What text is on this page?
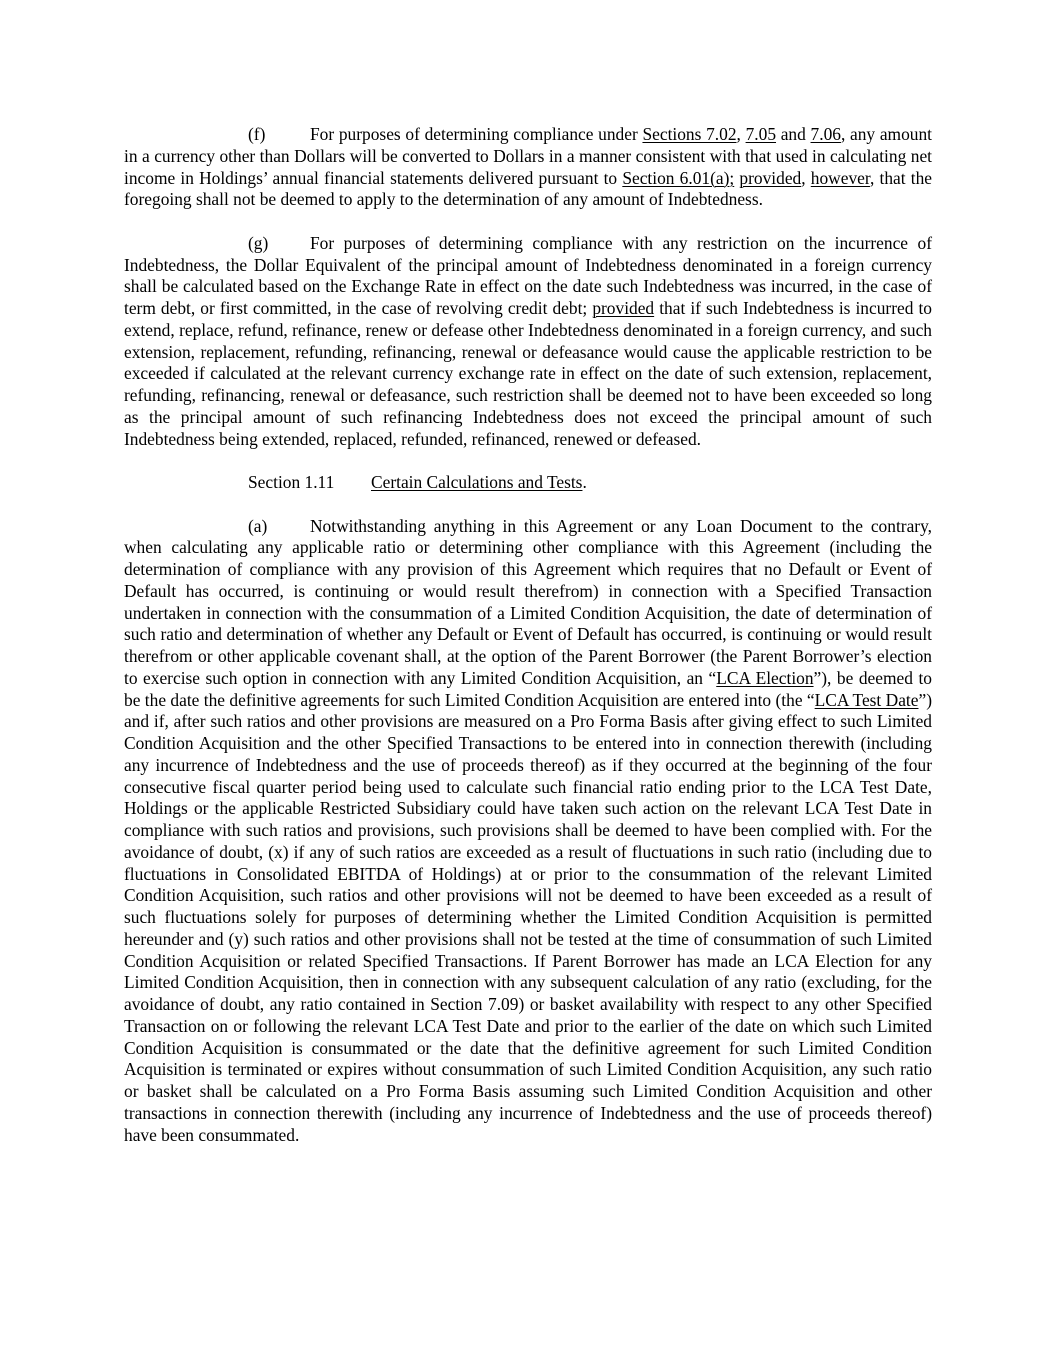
(f)	For purposes of determining compliance under Sections 7.02, 7.05 and 7.06, any amount in a currency other than Dollars will be converted to Dollars in a manner consistent with that used in calculating net income in Holdings’ annual financial statements delivered pursuant to Section 6.01(a); provided, however, that the foregoing shall not be deemed to apply to the determination of any amount of Indebtedness.

(g) For purposes of determining compliance with any restriction on the incurrence of Indebtedness, the Dollar Equivalent of the principal amount of Indebtedness denominated in a foreign currency shall be calculated based on the Exchange Rate in effect on the date such Indebtedness was incurred, in the case of term debt, or first committed, in the case of revolving credit debt; provided that if such Indebtedness is incurred to extend, replace, refund, refinance, renew or defease other Indebtedness denominated in a foreign currency, and such extension, replacement, refunding, refinancing, renewal or defeasance would cause the applicable restriction to be exceeded if calculated at the relevant currency exchange rate in effect on the date of such extension, replacement, refunding, refinancing, renewal or defeasance, such restriction shall be deemed not to have been exceeded so long as the principal amount of such refinancing Indebtedness does not exceed the principal amount of such Indebtedness being extended, replaced, refunded, refinanced, renewed or defeased.

Section 1.11 Certain Calculations and Tests.

(a) Notwithstanding anything in this Agreement or any Loan Document to the contrary, when calculating any applicable ratio or determining other compliance with this Agreement (including the determination of compliance with any provision of this Agreement which requires that no Default or Event of Default has occurred, is continuing or would result therefrom) in connection with a Specified Transaction undertaken in connection with the consummation of a Limited Condition Acquisition, the date of determination of such ratio and determination of whether any Default or Event of Default has occurred, is continuing or would result therefrom or other applicable covenant shall, at the option of the Parent Borrower (the Parent Borrower’s election to exercise such option in connection with any Limited Condition Acquisition, an “LCA Election”), be deemed to be the date the definitive agreements for such Limited Condition Acquisition are entered into (the “LCA Test Date”) and if, after such ratios and other provisions are measured on a Pro Forma Basis after giving effect to such Limited Condition Acquisition and the other Specified Transactions to be entered into in connection therewith (including any incurrence of Indebtedness and the use of proceeds thereof) as if they occurred at the beginning of the four consecutive fiscal quarter period being used to calculate such financial ratio ending prior to the LCA Test Date, Holdings or the applicable Restricted Subsidiary could have taken such action on the relevant LCA Test Date in compliance with such ratios and provisions, such provisions shall be deemed to have been complied with. For the avoidance of doubt, (x) if any of such ratios are exceeded as a result of fluctuations in such ratio (including due to fluctuations in Consolidated EBITDA of Holdings) at or prior to the consummation of the relevant Limited Condition Acquisition, such ratios and other provisions will not be deemed to have been exceeded as a result of such fluctuations solely for purposes of determining whether the Limited Condition Acquisition is permitted hereunder and (y) such ratios and other provisions shall not be tested at the time of consummation of such Limited Condition Acquisition or related Specified Transactions. If Parent Borrower has made an LCA Election for any Limited Condition Acquisition, then in connection with any subsequent calculation of any ratio (excluding, for the avoidance of doubt, any ratio contained in Section 7.09) or basket availability with respect to any other Specified Transaction on or following the relevant LCA Test Date and prior to the earlier of the date on which such Limited Condition Acquisition is consummated or the date that the definitive agreement for such Limited Condition Acquisition is terminated or expires without consummation of such Limited Condition Acquisition, any such ratio or basket shall be calculated on a Pro Forma Basis assuming such Limited Condition Acquisition and other transactions in connection therewith (including any incurrence of Indebtedness and the use of proceeds thereof) have been consummated.
